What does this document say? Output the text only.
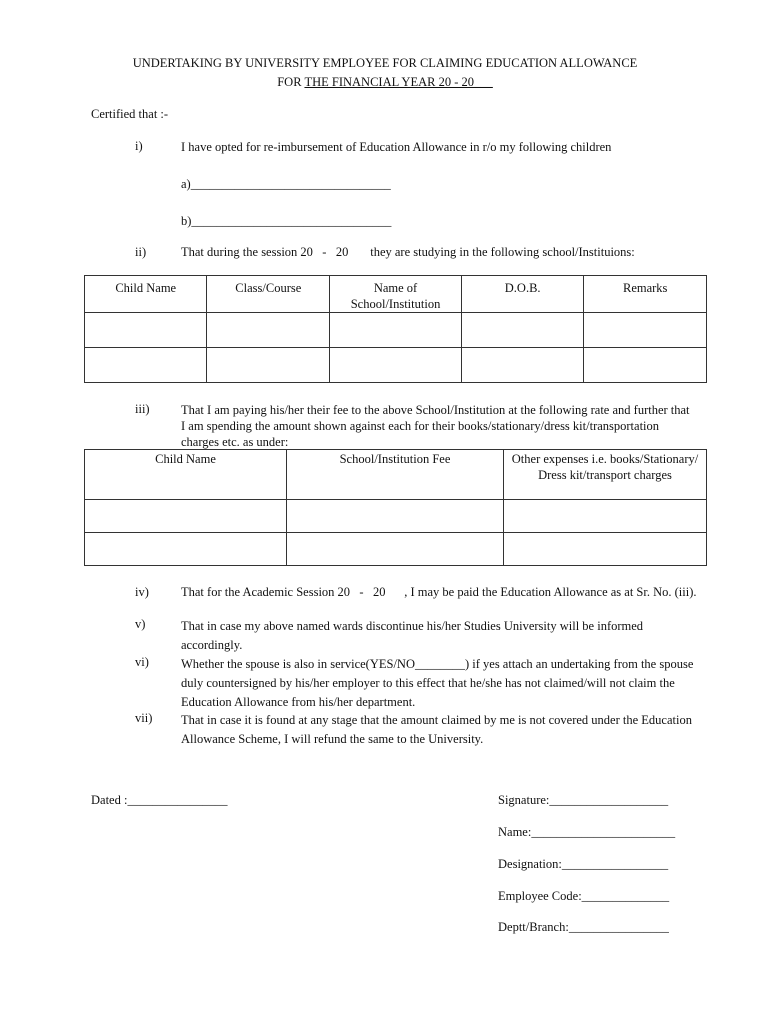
UNDERTAKING BY UNIVERSITY EMPLOYEE FOR CLAIMING EDUCATION ALLOWANCE
FOR THE FINANCIAL YEAR 20 - 20___
Certified that :-
i)	I have opted for re-imbursement of Education Allowance in r/o my following children
a)________________________________
b)________________________________
ii)	That during the session 20   -   20       they are studying in the following school/Instituions:
Child Name	Class/Course	Name of School/Institution	D.O.B.	Remarks

iii)	That I am paying his/her their fee to the above School/Institution at the following rate and further that I am spending the amount shown against each for their books/stationary/dress kit/transportation charges etc. as under:
Child Name	School/Institution Fee	Other expenses i.e. books/Stationary/ Dress kit/transport charges

iv)	That for the Academic Session 20   -   20      , I may be paid the Education Allowance as at Sr. No. (iii).
v)	That in case my above named wards discontinue his/her Studies University will be informed accordingly.
vi)	Whether the spouse is also in service(YES/NO________) if yes attach an undertaking from the spouse duly countersigned by his/her employer to this effect that he/she has not claimed/will not claim the Education Allowance from his/her department.
vii) That in case it is found at any stage that the amount claimed by me is not covered under the Education Allowance Scheme, I will refund the same to the University.
Dated :________________	Signature:___________________
Name:_______________________
Designation:_________________
Employee Code:______________
Deptt/Branch:________________
